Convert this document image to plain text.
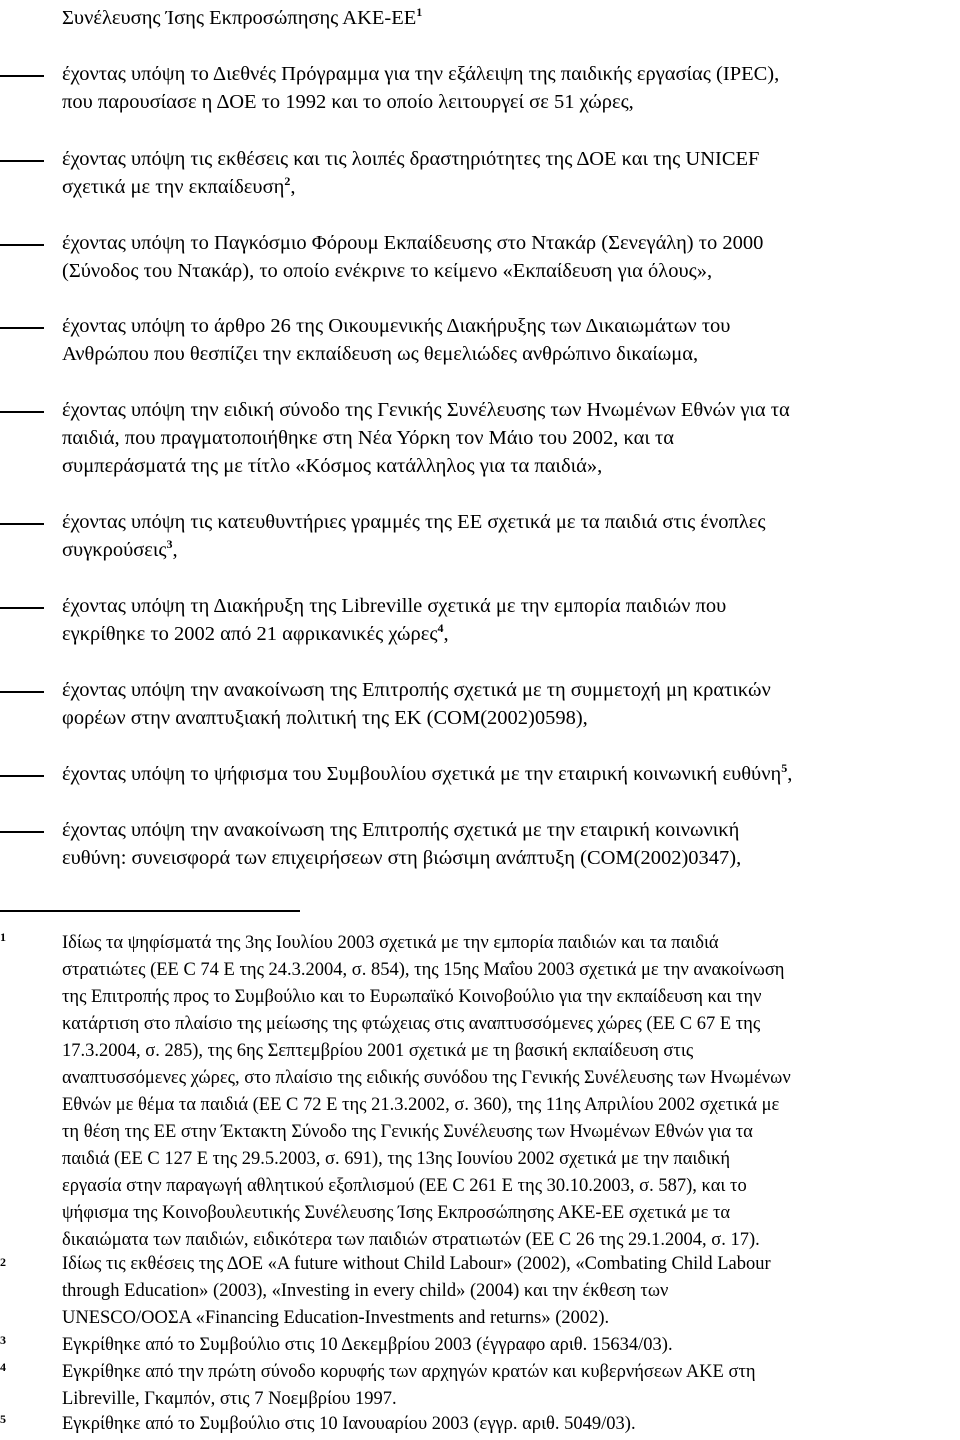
Συνέλευσης Ίσης Εκπροσώπησης ΑΚΕ-$EE^1$
έχοντας υπόψη το Διεθνές Πρόγραμμα για την εξάλειψη της παιδικής εργασίας (IPEC),
που παρουσίασε η ΔΟΕ το 1992 και το οποίο λειτουργεί σε 51 χώρες,
έχοντας υπόψη τις εκθέσεις και τις λοιπές δραστηριότητες της ΔΟΕ και της UNICEF
σχετικά με την εκπαίδευση$^2$,
έχοντας υπόψη το Παγκόσμιο Φόρουμ Εκπαίδευσης στο Ντακάρ (Σενεγάλη) το 2000
(Σύνοδος του Ντακάρ), το οποίο ενέκρινε το κείμενο «Εκπαίδευση για όλους»,
έχοντας υπόψη το άρθρο 26 της Οικουμενικής Διακήρυξης των Δικαιωμάτων του
Ανθρώπου που θεσπίζει την εκπαίδευση ως θεμελιώδες ανθρώπινο δικαίωμα,
έχοντας υπόψη την ειδική σύνοδο της Γενικής Συνέλευσης των Ηνωμένων Εθνών για τα
παιδιά, που πραγματοποιήθηκε στη Νέα Υόρκη τον Μάιο του 2002, και τα
συμπεράσματά της με τίτλο «Κόσμος κατάλληλος για τα παιδιά»,
έχοντας υπόψη τις κατευθυντήριες γραμμές της ΕΕ σχετικά με τα παιδιά στις ένοπλες
συγκρούσεις$^3$,
έχοντας υπόψη τη Διακήρυξη της Libreville σχετικά με την εμπορία παιδιών που
εγκρίθηκε το 2002 από 21 αφρικανικές χώρες$^4$,
έχοντας υπόψη την ανακοίνωση της Επιτροπής σχετικά με τη συμμετοχή μη κρατικών
φορέων στην αναπτυξιακή πολιτική της ΕΚ (COM(2002)0598),
έχοντας υπόψη το ψήφισμα του Συμβουλίου σχετικά με την εταιρική κοινωνική ευθύνη$^5$,
έχοντας υπόψη την ανακοίνωση της Επιτροπής σχετικά με την εταιρική κοινωνική
ευθύνη: συνεισφορά των επιχειρήσεων στη βιώσιμη ανάπτυξη (COM(2002)0347),
1	Ιδίως τα ψηφίσματά της 3ης Ιουλίου 2003 σχετικά με την εμπορία παιδιών και τα παιδιά
στρατιώτες (ΕΕ C 74 Ε της 24.3.2004, σ. 854), της 15ης Μαΐου 2003 σχετικά με την ανακοίνωση
της Επιτροπής προς το Συμβούλιο και το Ευρωπαϊκό Κοινοβούλιο για την εκπαίδευση και την
κατάρτιση στο πλαίσιο της μείωσης της φτώχειας στις αναπτυσσόμενες χώρες (ΕΕ C 67 Ε της
17.3.2004, σ. 285), της 6ης Σεπτεμβρίου 2001 σχετικά με τη βασική εκπαίδευση στις
αναπτυσσόμενες χώρες, στο πλαίσιο της ειδικής συνόδου της Γενικής Συνέλευσης των Ηνωμένων
Εθνών με θέμα τα παιδιά (ΕΕ C 72 Ε της 21.3.2002, σ. 360), της 11ης Απριλίου 2002 σχετικά με
τη θέση της ΕΕ στην Έκτακτη Σύνοδο της Γενικής Συνέλευσης των Ηνωμένων Εθνών για τα
παιδιά (ΕΕ C 127 Ε της 29.5.2003, σ. 691), της 13ης Ιουνίου 2002 σχετικά με την παιδική
εργασία στην παραγωγή αθλητικού εξοπλισμού (ΕΕ C 261 Ε της 30.10.2003, σ. 587), και το
ψήφισμα της Κοινοβουλευτικής Συνέλευσης Ίσης Εκπροσώπησης ΑΚΕ-ΕΕ σχετικά με τα
δικαιώματα των παιδιών, ειδικότερα των παιδιών στρατιωτών (ΕΕ C 26 της 29.1.2004, σ. 17).
2	Ιδίως τις εκθέσεις της ΔΟΕ «A future without Child Labour» (2002), «Combating Child Labour
through Education» (2003), «Investing in every child» (2004) και την έκθεση των
UNESCO/ΟΟΣΑ «Financing Education-Investments and returns» (2002).
3	Εγκρίθηκε από το Συμβούλιο στις 10 Δεκεμβρίου 2003 (έγγραφο αριθ. 15634/03).
4	Εγκρίθηκε από την πρώτη σύνοδο κορυφής των αρχηγών κρατών και κυβερνήσεων ΑΚΕ στη
Libreville, Γκαμπόν, στις 7 Νοεμβρίου 1997.
5	Εγκρίθηκε από το Συμβούλιο στις 10 Ιανουαρίου 2003 (εγγρ. αριθ. 5049/03).
